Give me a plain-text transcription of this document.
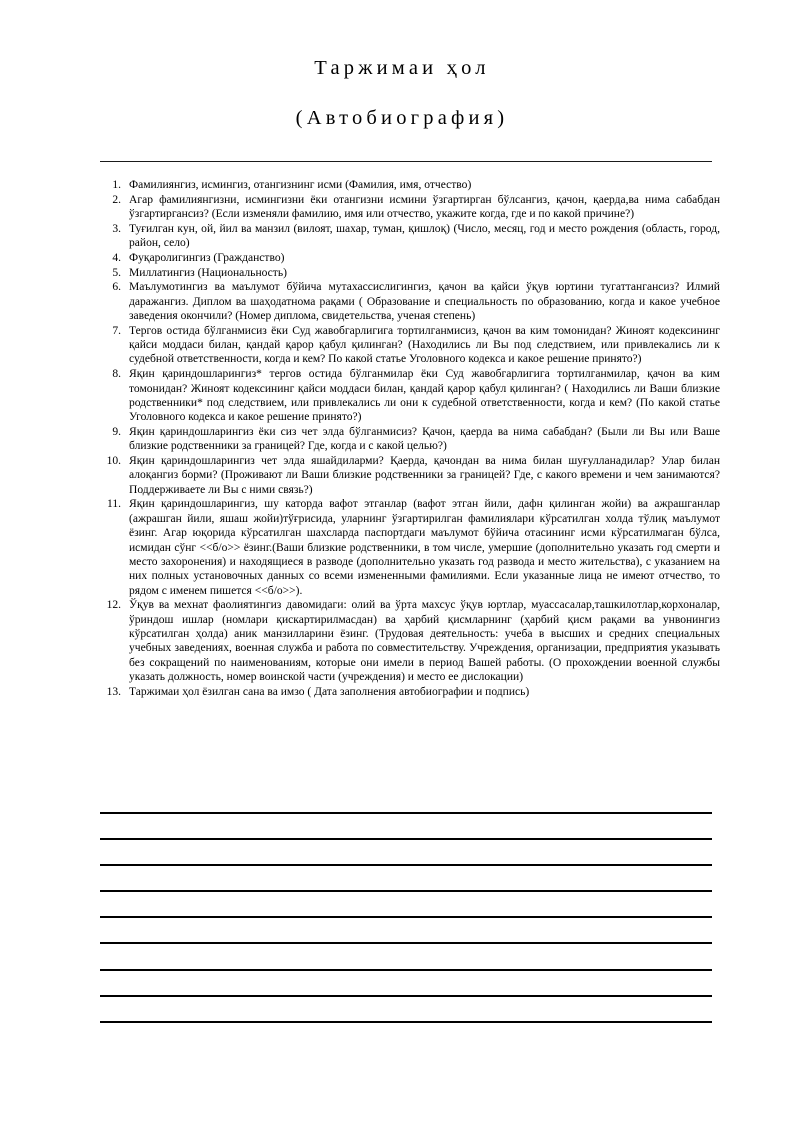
Таржимаи ҳол
(Автобиография)
1. Фамилиянгиз, исмингиз, отангизнинг исми (Фамилия, имя, отчество)
2. Агар фамилиянгизни, исмингизни ёки отангизни исмини ўзгартирган бўлсангиз, қачон, қаерда,ва нима сабабдан ўзгартиргансиз? (Если изменяли фамилию, имя или отчество, укажите когда, где и по какой причине?)
3. Туғилган кун, ой, йил ва манзил (вилоят, шахар, туман, қишлоқ) (Число, месяц, год и место рождения (область, город, район, село)
4. Фуқаролигингиз (Гражданство)
5. Миллатингиз (Национальность)
6. Маълумотингиз ва маълумот бўйича мутахассислигингиз, қачон ва қайси ўқув юртини тугаттангансиз? Илмий даражангиз. Диплом ва шаҳодатнома рақами ( Образование и специальность по образованию, когда и какое учебное заведения окончили? (Номер диплома, свидетельства, ученая степень)
7. Тергов остида бўлганмисиз ёки Суд жавобгарлигига тортилганмисиз, қачон ва ким томонидан? Жиноят кодексининг қайси моддаси билан, қандай қарор қабул қилинган? (Находились ли Вы под следствием, или привлекались ли к судебной ответственности, когда и кем? По какой статье Уголовного кодекса и какое решение принято?)
8. Яқин қариндошларингиз* тергов остида бўлганмилар ёки Суд жавобгарлигига тортилганмилар, қачон ва ким томонидан? Жиноят кодексининг қайси моддаси билан, қандай қарор қабул қилинган? ( Находились ли Ваши близкие родственники* под следствием, или привлекались ли они к судебной ответственности, когда и кем? (По какой статье Уголовного кодекса и какое решение принято?)
9. Яқин қариндошларингиз ёки сиз чет элда бўлганмисиз? Қачон, қаерда ва нима сабабдан? (Были ли Вы или Ваше близкие родственники за границей? Где, когда и с какой целью?)
10. Яқин қариндошларингиз чет элда яшайдиларми? Қаерда, қачондан ва нима билан шуғулланадилар? Улар билан алоқангиз борми? (Проживают ли Ваши близкие родственники за границей? Где, с какого времени и чем занимаются? Поддерживаете ли Вы с ними связь?)
11. Яқин қариндошларингиз, шу каторда вафот этганлар (вафот этган йили, дафн қилинган жойи) ва ажрашганлар (ажрашган йили, яшаш жойи)тўғрисида, уларнинг ўзгартирилган фамилиялари кўрсатилган холда тўлиқ маълумот ёзинг. Агар юқорида кўрсатилган шахсларда паспортдаги маълумот бўйича отасининг исми кўрсатилмаган бўлса, исмидан сўнг <<б/о>> ёзинг.(Ваши близкие родственники, в том числе, умершие (дополнительно указать год смерти и место захоронения) и находящиеся в разводе (дополнительно указать год развода и место жительства), с указанием на них полных установочных данных со всеми измененными фамилиями. Если указанные лица не имеют отчество, то рядом с именем пишется <<б/о>>).
12. Ўқув ва мехнат фаолиятингиз давомидаги: олий ва ўрта махсус ўқув юртлар, муассасалар,ташкилотлар,корхоналар, ўриндош ишлар (номлари қискартирилмасдан) ва ҳарбий қисмларнинг (ҳарбий қисм рақами ва унвонингиз кўрсатилган ҳолда) аник манзилларини ёзинг. (Трудовая деятельность: учеба в высших и средних специальных учебных заведениях, военная служба и работа по совместительству. Учреждения, организации, предприятия указывать без сокращений по наименованиям, которые они имели в период Вашей работы. (О прохождении военной службы указать должность, номер воинской части (учреждения) и место ее дислокации)
13. Таржимаи ҳол ёзилган сана ва имзо ( Дата заполнения автобиографии и подпись)
